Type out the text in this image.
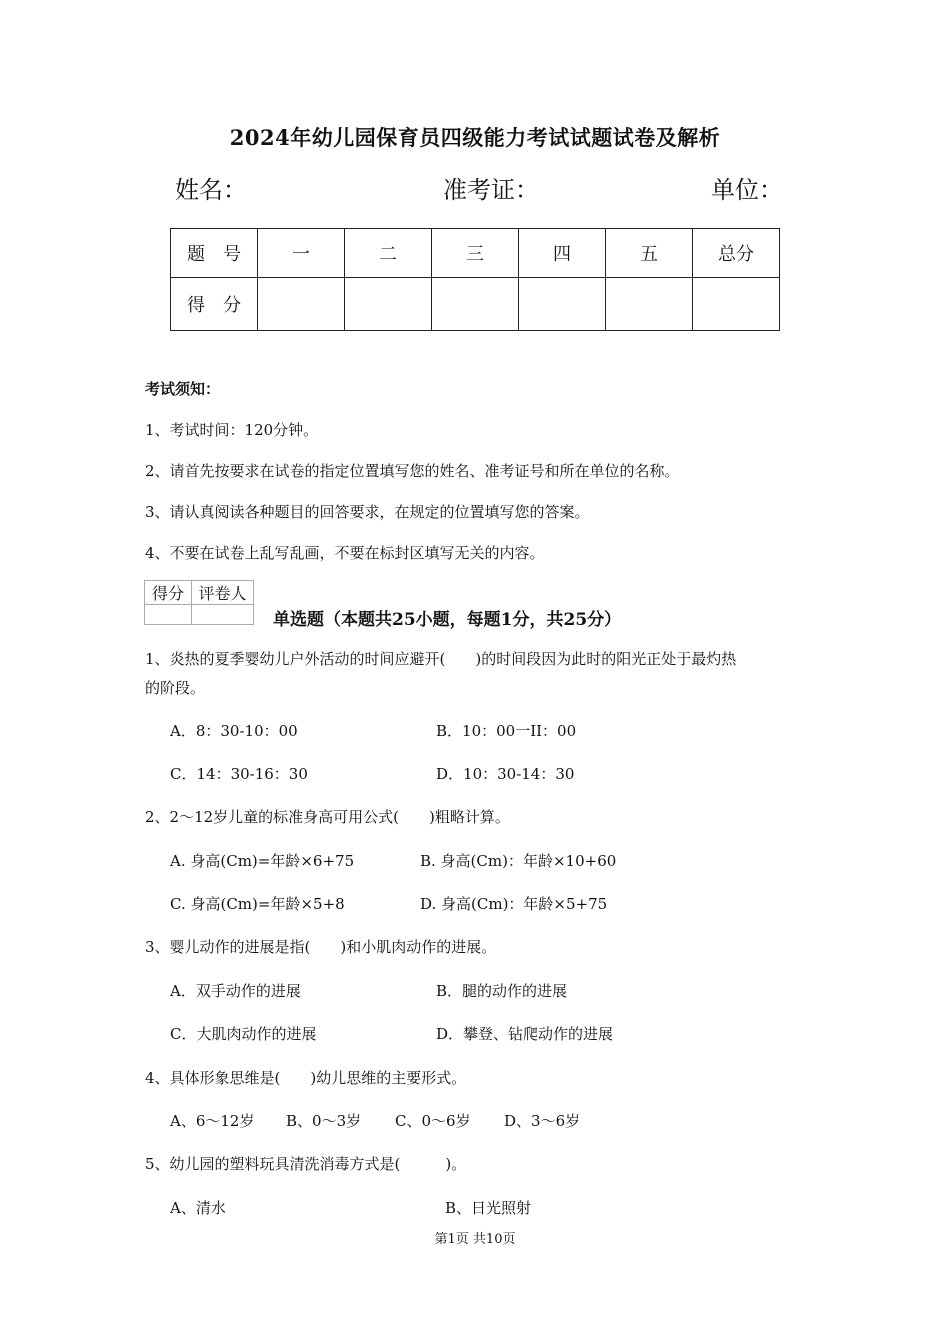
2024年幼儿园保育员四级能力考试试题试卷及解析
姓名：	准考证：	单位：
题　号	一	二	三	四	五	总分
得　分						
考试须知：
1、考试时间：120分钟。
2、请首先按要求在试卷的指定位置填写您的姓名、准考证号和所在单位的名称。
3、请认真阅读各种题目的回答要求，在规定的位置填写您的答案。
4、不要在试卷上乱写乱画，不要在标封区填写无关的内容。
得分	评卷人

单选题（本题共25小题，每题1分，共25分）
1、炎热的夏季婴幼儿户外活动的时间应避开(　　)的时间段因为此时的阳光正处于最灼热
的阶段。
A．8：30-10：00	B．10：00一II：00
C．14：30-16：30	D．10：30-14：30
2、2～12岁儿童的标准身高可用公式(　　)粗略计算。
A. 身高(Cm)=年龄×6+75	B. 身高(Cm)：年龄×10+60
C. 身高(Cm)=年龄×5+8	D. 身高(Cm)：年龄×5+75
3、婴儿动作的进展是指(　　)和小肌肉动作的进展。
A．双手动作的进展	B．腿的动作的进展
C．大肌肉动作的进展	D．攀登、钻爬动作的进展
4、具体形象思维是(　　)幼儿思维的主要形式。
A、6～12岁 B、0～3岁 C、0～6岁 D、3～6岁
5、幼儿园的塑料玩具清洗消毒方式是(　　　)。
A、清水	B、日光照射
第1页 共10页
